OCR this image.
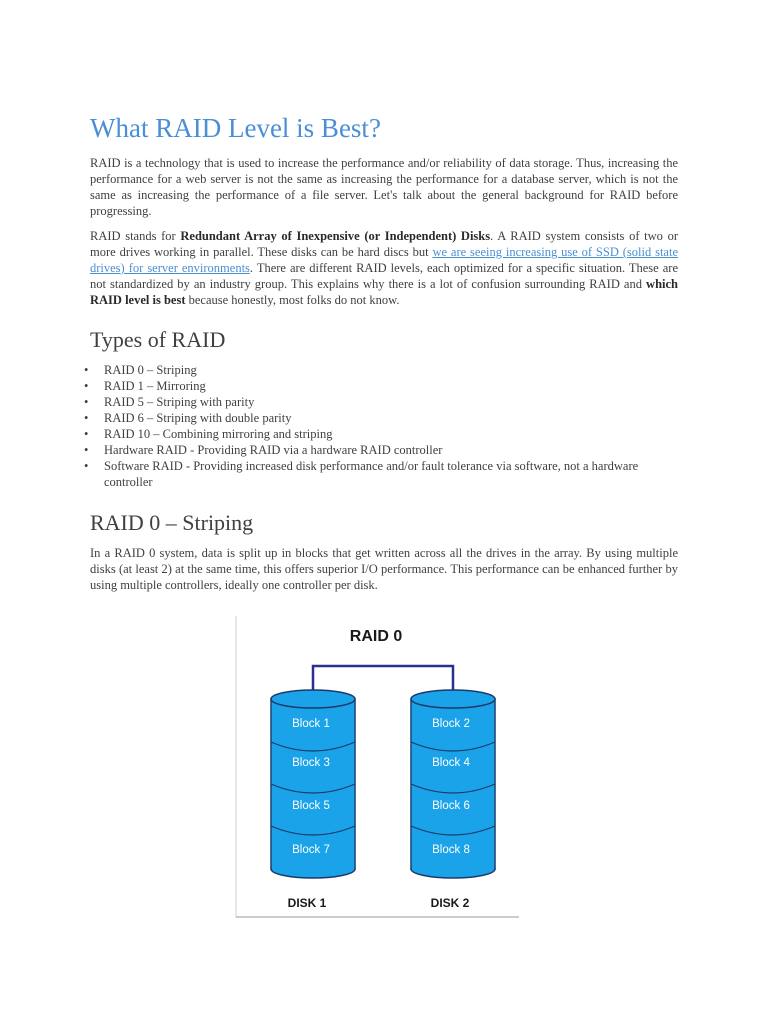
What RAID Level is Best?

RAID is a technology that is used to increase the performance and/or reliability of data storage. Thus, increasing the performance for a web server is not the same as increasing the performance for a database server, which is not the same as increasing the performance of a file server. Let's talk about the general background for RAID before progressing.

RAID stands for Redundant Array of Inexpensive (or Independent) Disks. A RAID system consists of two or more drives working in parallel. These disks can be hard discs but we are seeing increasing use of SSD (solid state drives) for server environments. There are different RAID levels, each optimized for a specific situation. These are not standardized by an industry group. This explains why there is a lot of confusion surrounding RAID and which RAID level is best because honestly, most folks do not know.

Types of RAID
• RAID 0 – Striping
• RAID 1 – Mirroring
• RAID 5 – Striping with parity
• RAID 6 – Striping with double parity
• RAID 10 – Combining mirroring and striping
• Hardware RAID - Providing RAID via a hardware RAID controller
• Software RAID - Providing increased disk performance and/or fault tolerance via software, not a hardware controller
RAID 0 – Striping

In a RAID 0 system, data is split up in blocks that get written across all the drives in the array. By using multiple disks (at least 2) at the same time, this offers superior I/O performance. This performance can be enhanced further by using multiple controllers, ideally one controller per disk.

RAID 0
Block 1
Block 3
Block 5
Block 7
Block 2
Block 4
Block 6
Block 8
DISK 1	DISK 2
